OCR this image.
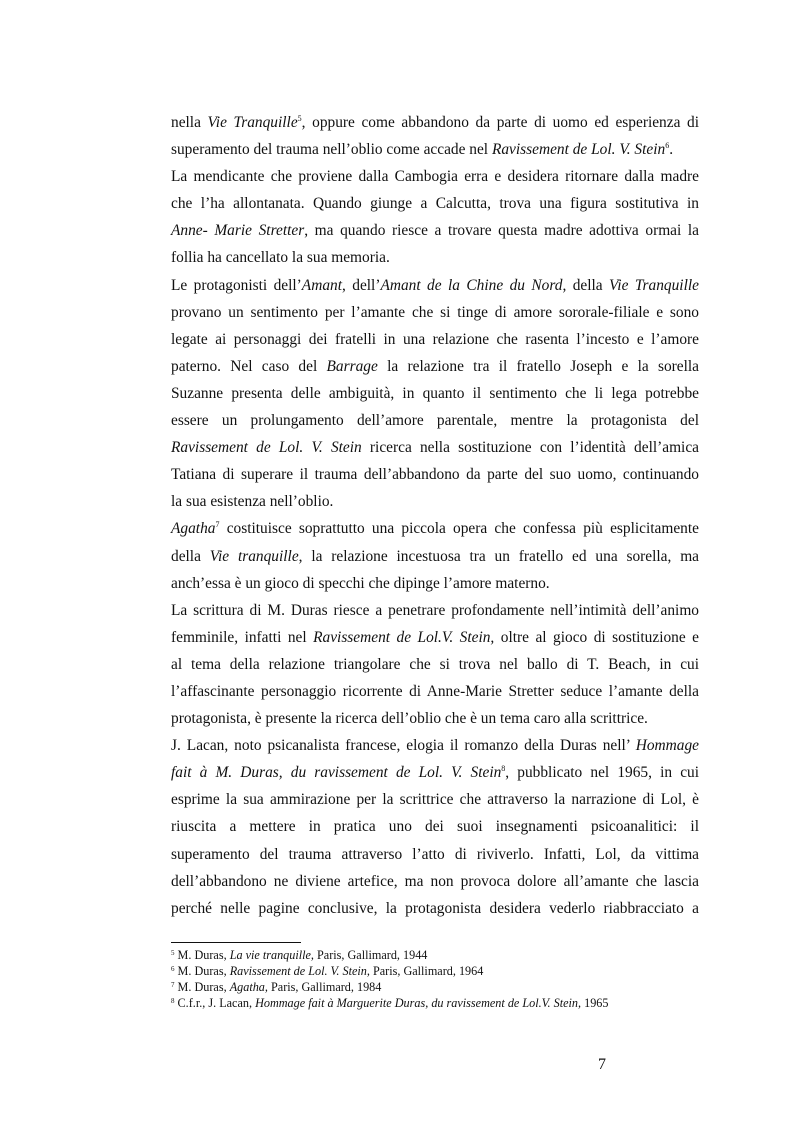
nella Vie Tranquille$^5$, oppure come abbandono da parte di uomo ed esperienza di
superamento del trauma nell’oblio come accade nel Ravissement de Lol. V. Stein$^6$.
La mendicante che proviene dalla Cambogia erra e desidera ritornare dalla madre
che l’ha allontanata. Quando giunge a Calcutta, trova una figura sostitutiva in
Anne- Marie Stretter, ma quando riesce a trovare questa madre adottiva ormai la
follia ha cancellato la sua memoria.
Le protagonisti dell’Amant, dell’Amant de la Chine du Nord, della Vie Tranquille
provano un sentimento per l’amante che si tinge di amore sororale-filiale e sono
legate ai personaggi dei fratelli in una relazione che rasenta l’incesto e l’amore
paterno. Nel caso del Barrage la relazione tra il fratello Joseph e la sorella
Suzanne presenta delle ambiguità, in quanto il sentimento che li lega potrebbe
essere un prolungamento dell’amore parentale, mentre la protagonista del
Ravissement de Lol. V. Stein ricerca nella sostituzione con l’identità dell’amica
Tatiana di superare il trauma dell’abbandono da parte del suo uomo, continuando
la sua esistenza nell’oblio.
Agatha$^7$ costituisce soprattutto una piccola opera che confessa più esplicitamente
della Vie tranquille, la relazione incestuosa tra un fratello ed una sorella, ma
anch’essa è un gioco di specchi che dipinge l’amore materno.
La scrittura di M. Duras riesce a penetrare profondamente nell’intimità dell’animo
femminile, infatti nel Ravissement de Lol.V. Stein, oltre al gioco di sostituzione e
al tema della relazione triangolare che si trova nel ballo di T. Beach, in cui
l’affascinante personaggio ricorrente di Anne-Marie Stretter seduce l’amante della
protagonista, è presente la ricerca dell’oblio che è un tema caro alla scrittrice.
J. Lacan, noto psicanalista francese, elogia il romanzo della Duras nell’ Hommage
fait à M. Duras, du ravissement de Lol. V. Stein$^8$, pubblicato nel 1965, in cui
esprime la sua ammirazione per la scrittrice che attraverso la narrazione di Lol, è
riuscita a mettere in pratica uno dei suoi insegnamenti psicoanalitici: il
superamento del trauma attraverso l’atto di riviverlo. Infatti, Lol, da vittima
dell’abbandono ne diviene artefice, ma non provoca dolore all’amante che lascia
perché nelle pagine conclusive, la protagonista desidera vederlo riabbracciato a
$^5$ M. Duras, La vie tranquille, Paris, Gallimard, 1944
$^6$ M. Duras, Ravissement de Lol. V. Stein, Paris, Gallimard, 1964
$^7$ M. Duras, Agatha, Paris, Gallimard, 1984
$^8$ C.f.r., J. Lacan, Hommage fait à Marguerite Duras, du ravissement de Lol.V. Stein, 1965
7
